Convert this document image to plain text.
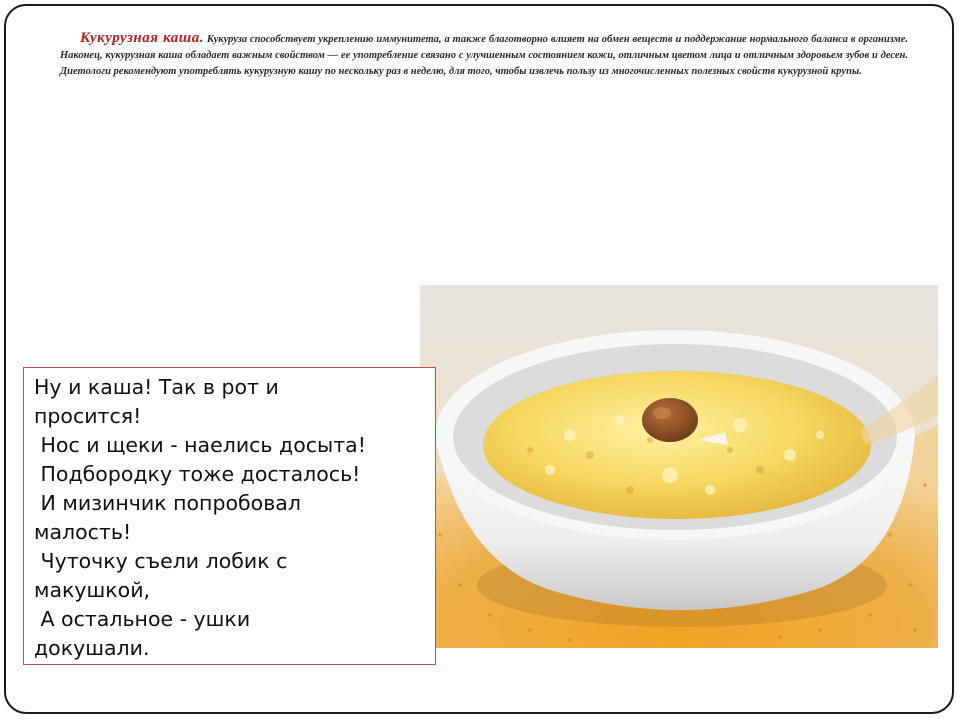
Кукурузная каша. Кукуруза способствует укреплению иммунитета, а также благотворно влияет на обмен веществ и поддержание нормального баланса в организме. Наконец, кукурузная каша обладает важным свойством — ее употребление связано с улучшенным состоянием кожи, отличным цветом лица и отличным здоровьем зубов и десен. Диетологи рекомендуют употреблять кукурузную кашу по нескольку раз в неделю, для того, чтобы извлечь пользу из многочисленных полезных свойств кукурузной крупы.

Ну и каша! Так в рот и
просится!
Нос и щеки - наелись досыта!
Подбородку тоже досталось!
И мизинчик попробовал
малость!
Чуточку съели лобик с
макушкой,
А остальное - ушки
докушали.
